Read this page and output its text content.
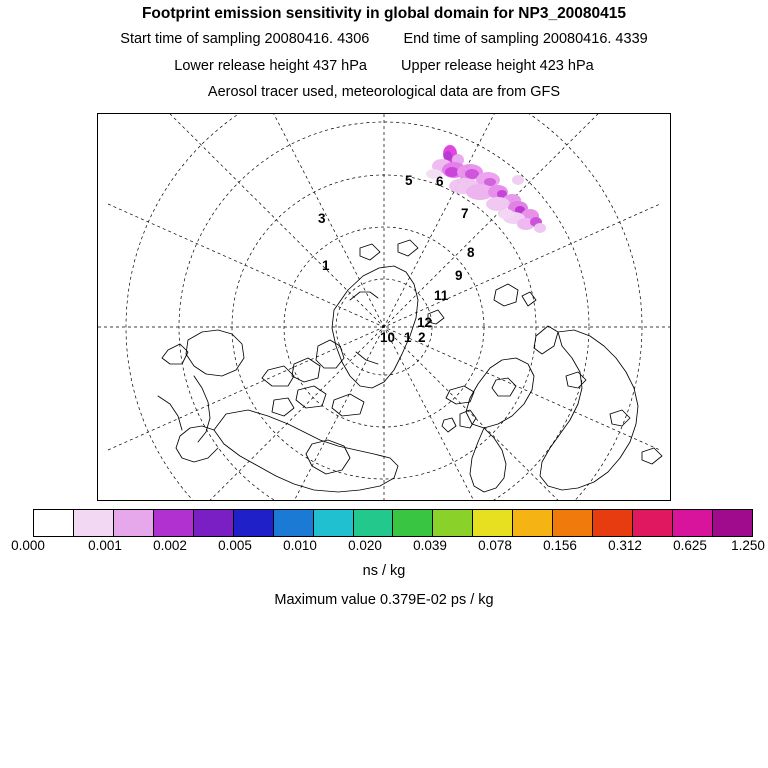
Footprint emission sensitivity in global domain for NP3_20080415
Start time of sampling 20080416. 4306 End time of sampling 20080416. 4339
Lower release height 437 hPa Upper release height 423 hPa
Aerosol tracer used, meteorological data are from GFS
5 6
7
8
9
3
1
11
12
10 1 2
0.000	0.001 0.002 0.005 0.010 0.020 0.039 0.078 0.156 0.312 0.625 1.250
ns / kg
Maximum value 0.379E-02 ps / kg
